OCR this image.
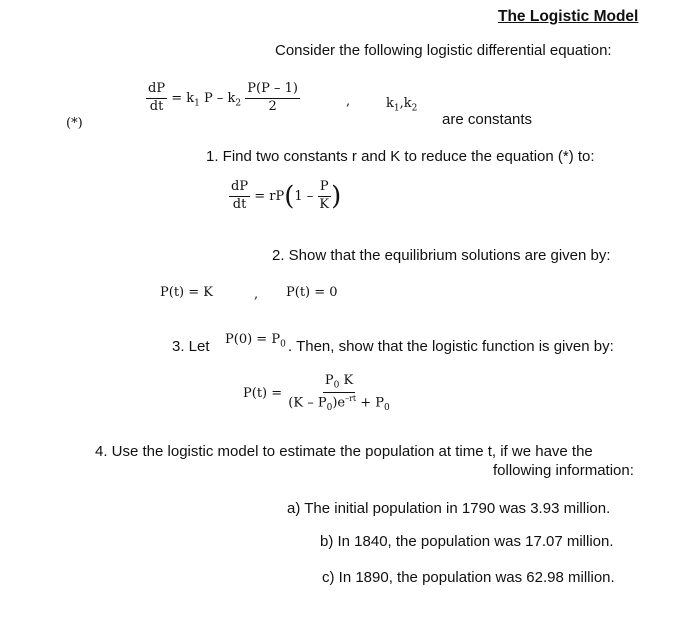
The Logistic Model
Consider the following logistic differential equation:
(*)
$\frac{dP}{dt} = k_1$ P – $k_2 \frac{P(P - 1)}{2}$	,	$k_1,k_2$
are constants
1. Find two constants r and K to reduce the equation (*) to:
$\frac{dP}{dt} = rP(1 - \frac{P}{K}$ )
2. Show that the equilibrium solutions are given by:
P(t) = K	, P(t) = 0
3. Let $P(0) = P_0$ . Then, show that the logistic function is given by:
$P(t) = \frac{P_0 K}{(K - P_0)e^{-rt} + P_0}$
4. Use the logistic model to estimate the population at time t, if we have the
following information:
a) The initial population in 1790 was 3.93 million.
b) In 1840, the population was 17.07 million.
c) In 1890, the population was 62.98 million.
